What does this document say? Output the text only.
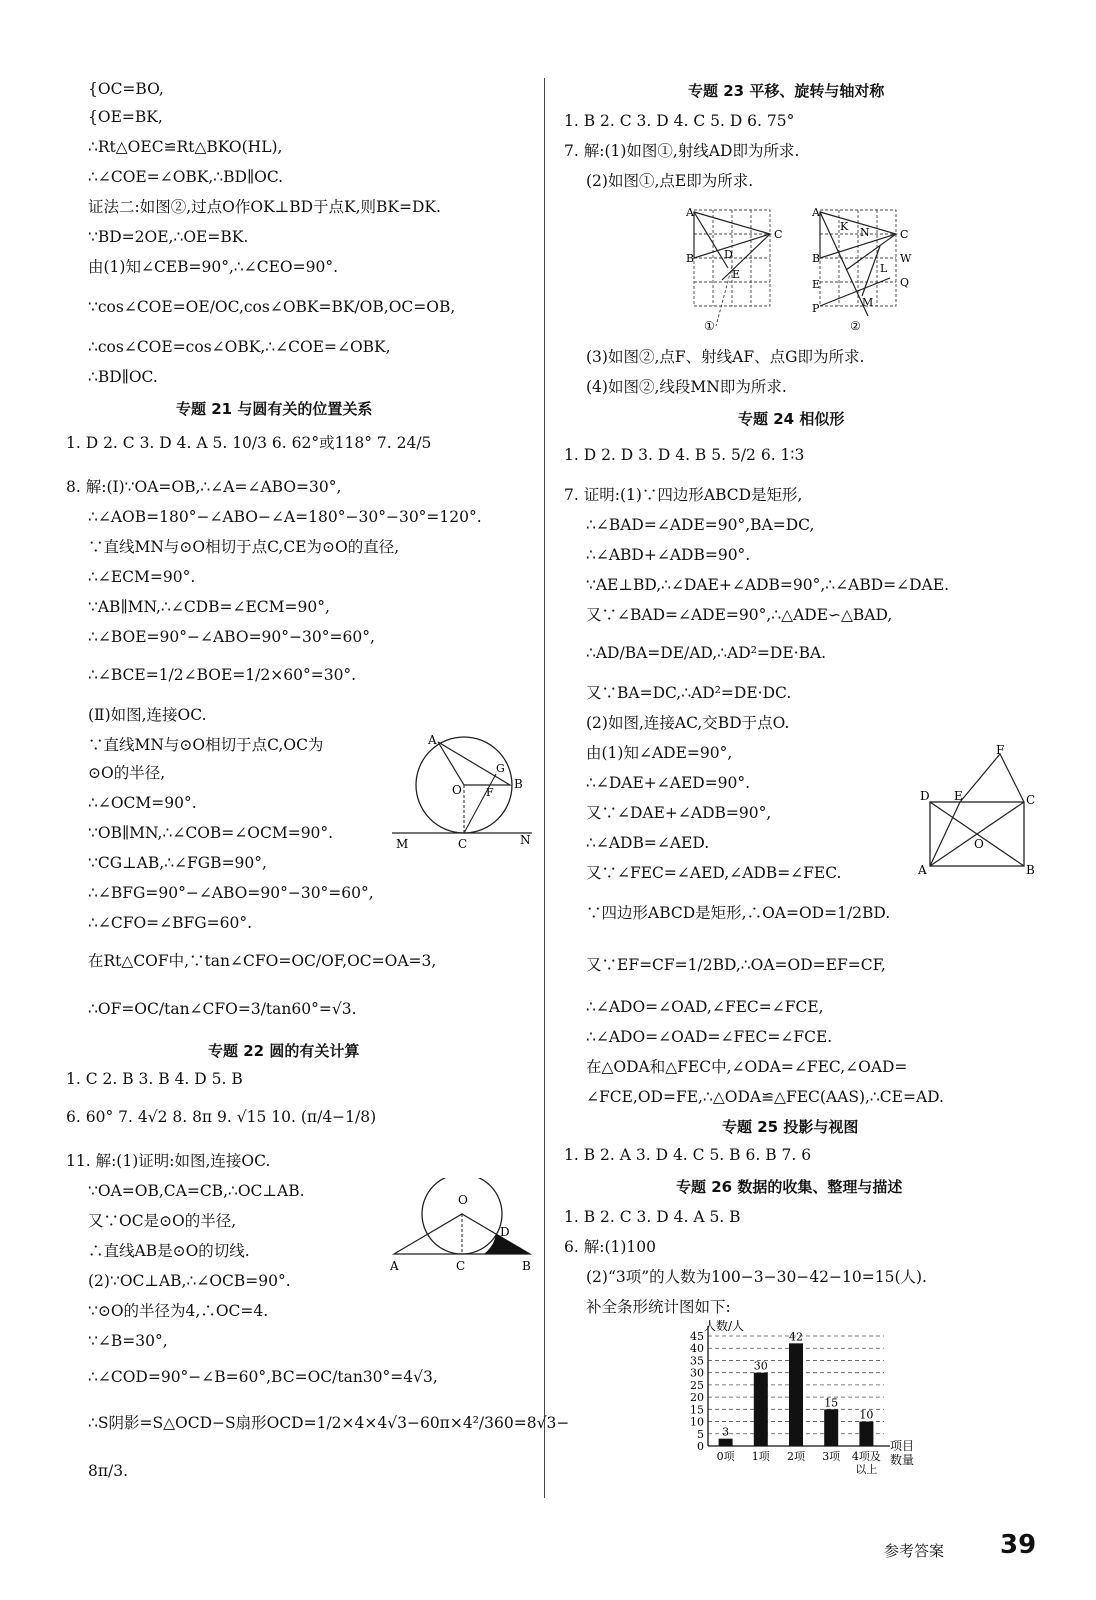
{OC=BO,
{OE=BK,
∴Rt△OEC≌Rt△BKO(HL),
∴∠COE=∠OBK,∴BD∥OC.
证法二:如图②,过点O作OK⊥BD于点K,则BK=DK.
∵BD=2OE,∴OE=BK.
由(1)知∠CEB=90°,∴∠CEO=90°.
∵cos∠COE=OE/OC,cos∠OBK=BK/OB,OC=OB,
∴cos∠COE=cos∠OBK,∴∠COE=∠OBK,
∴BD∥OC.
专题 21 与圆有关的位置关系
1. D 2. C 3. D 4. A 5. 10/3 6. 62°或118° 7. 24/5
8. 解:(Ⅰ)∵OA=OB,∴∠A=∠ABO=30°,
∴∠AOB=180°−∠ABO−∠A=180°−30°−30°=120°.
∵直线MN与⊙O相切于点C,CE为⊙O的直径,
∴∠ECM=90°.
∵AB∥MN,∴∠CDB=∠ECM=90°,
∴∠BOE=90°−∠ABO=90°−30°=60°,
∴∠BCE=1/2∠BOE=1/2×60°=30°.
(Ⅱ)如图,连接OC.
∵直线MN与⊙O相切于点C,OC为
⊙O的半径,
∴∠OCM=90°.
∵OB∥MN,∴∠COB=∠OCM=90°.
∵CG⊥AB,∴∠FGB=90°,
∴∠BFG=90°−∠ABO=90°−30°=60°,
∴∠CFO=∠BFG=60°.
在Rt△COF中,∵tan∠CFO=OC/OF,OC=OA=3,
∴OF=OC/tan∠CFO=3/tan60°=√3.
专题 22 圆的有关计算
1. C 2. B 3. B 4. D 5. B
6. 60° 7. 4√2 8. 8π 9. √15 10. (π/4−1/8)
11. 解:(1)证明:如图,连接OC.
∵OA=OB,CA=CB,∴OC⊥AB.
又∵OC是⊙O的半径,
∴直线AB是⊙O的切线.
(2)∵OC⊥AB,∴∠OCB=90°.
∵⊙O的半径为4,∴OC=4.
∵∠B=30°,
∴∠COD=90°−∠B=60°,BC=OC/tan30°=4√3,
∴S阴影=S△OCD−S扇形OCD=1/2×4×4√3−60π×4²/360=8√3−
8π/3.
A
G
B
O F
M	C	N
O
D
A	C	B
专题 23 平移、旋转与轴对称
1. B 2. C 3. D 4. C 5. D 6. 75°
7. 解:(1)如图①,射线AD即为所求.
(2)如图①,点E即为所求.
A
B
C
D
E
①
A
K N	C
W
B
L
E	Q
M
P
②
(3)如图②,点F、射线AF、点G即为所求.
(4)如图②,线段MN即为所求.
专题 24 相似形
1. D 2. D 3. D 4. B 5. 5/2 6. 1∶3
7. 证明:(1)∵四边形ABCD是矩形,
∴∠BAD=∠ADE=90°,BA=DC,
∴∠ABD+∠ADB=90°.
∵AE⊥BD,∴∠DAE+∠ADB=90°,∴∠ABD=∠DAE.
又∵∠BAD=∠ADE=90°,∴△ADE∽△BAD,
∴AD/BA=DE/AD,∴AD²=DE·BA.
又∵BA=DC,∴AD²=DE·DC.
(2)如图,连接AC,交BD于点O.
由(1)知∠ADE=90°,
∴∠DAE+∠AED=90°.
又∵∠DAE+∠ADB=90°,
∴∠ADB=∠AED.
又∵∠FEC=∠AED,∠ADB=∠FEC.
F
D E	C
O
A	B
∵四边形ABCD是矩形,∴OA=OD=1/2BD.
又∵EF=CF=1/2BD,∴OA=OD=EF=CF,
∴∠ADO=∠OAD,∠FEC=∠FCE,
∴∠ADO=∠OAD=∠FEC=∠FCE.
在△ODA和△FEC中,∠ODA=∠FEC,∠OAD=
∠FCE,OD=FE,∴△ODA≌△FEC(AAS),∴CE=AD.
专题 25 投影与视图
1. B 2. A 3. D 4. C 5. B 6. B 7. 6
专题 26 数据的收集、整理与描述
1. B 2. C 3. D 4. A 5. B
6. 解:(1)100
(2)“3项”的人数为100−3−30−42−10=15(人).
补全条形统计图如下:
人数/人
项目数量
0
5
10
15
20
25
30
35
40
45
3
0项
30
1项
42
2项
15
3项
10
4项及
以上
参考答案 39
